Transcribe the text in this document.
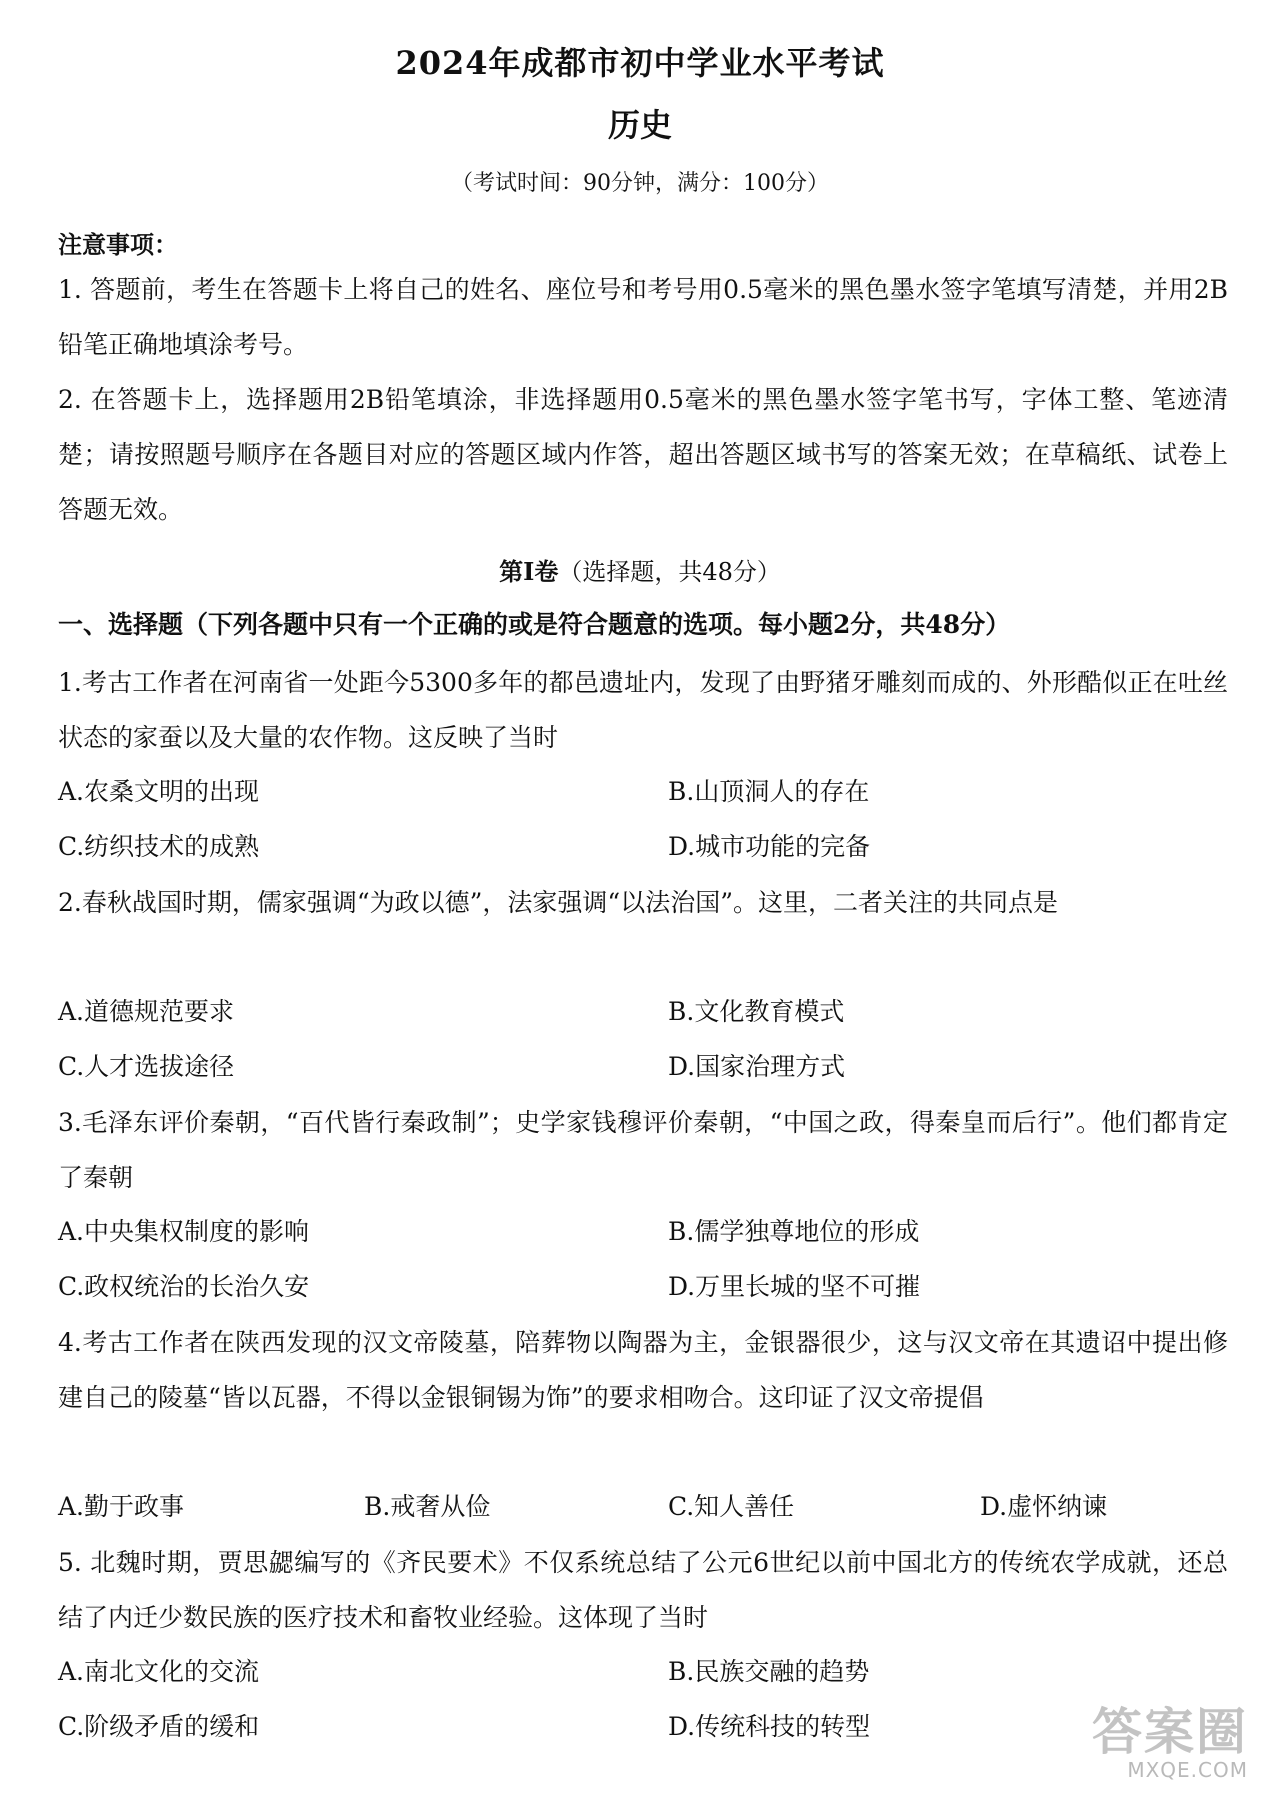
2024年成都市初中学业水平考试
历史
（考试时间：90分钟，满分：100分）
注意事项：
1. 答题前，考生在答题卡上将自己的姓名、座位号和考号用0.5毫米的黑色墨水签字笔填写清楚，并用2B铅笔正确地填涂考号。
2. 在答题卡上，选择题用2B铅笔填涂，非选择题用0.5毫米的黑色墨水签字笔书写，字体工整、笔迹清楚；请按照题号顺序在各题目对应的答题区域内作答，超出答题区域书写的答案无效；在草稿纸、试卷上答题无效。
第Ⅰ卷（选择题，共48分）
一、选择题（下列各题中只有一个正确的或是符合题意的选项。每小题2分，共48分）
1.考古工作者在河南省一处距今5300多年的都邑遗址内，发现了由野猪牙雕刻而成的、外形酷似正在吐丝状态的家蚕以及大量的农作物。这反映了当时
A.农桑文明的出现	B.山顶洞人的存在
C.纺织技术的成熟	D.城市功能的完备
2.春秋战国时期，儒家强调“为政以德”，法家强调“以法治国”。这里，二者关注的共同点是
A.道德规范要求	B.文化教育模式
C.人才选拔途径	D.国家治理方式
3.毛泽东评价秦朝，“百代皆行秦政制”；史学家钱穆评价秦朝，“中国之政，得秦皇而后行”。他们都肯定了秦朝
A.中央集权制度的影响	B.儒学独尊地位的形成
C.政权统治的长治久安	D.万里长城的坚不可摧
4.考古工作者在陕西发现的汉文帝陵墓，陪葬物以陶器为主，金银器很少，这与汉文帝在其遗诏中提出修建自己的陵墓“皆以瓦器，不得以金银铜锡为饰”的要求相吻合。这印证了汉文帝提倡
A.勤于政事	B.戒奢从俭	C.知人善任	D.虚怀纳谏
5. 北魏时期，贾思勰编写的《齐民要术》不仅系统总结了公元6世纪以前中国北方的传统农学成就，还总结了内迁少数民族的医疗技术和畜牧业经验。这体现了当时
A.南北文化的交流	B.民族交融的趋势
C.阶级矛盾的缓和	D.传统科技的转型	答案圈
MXQE.COM
